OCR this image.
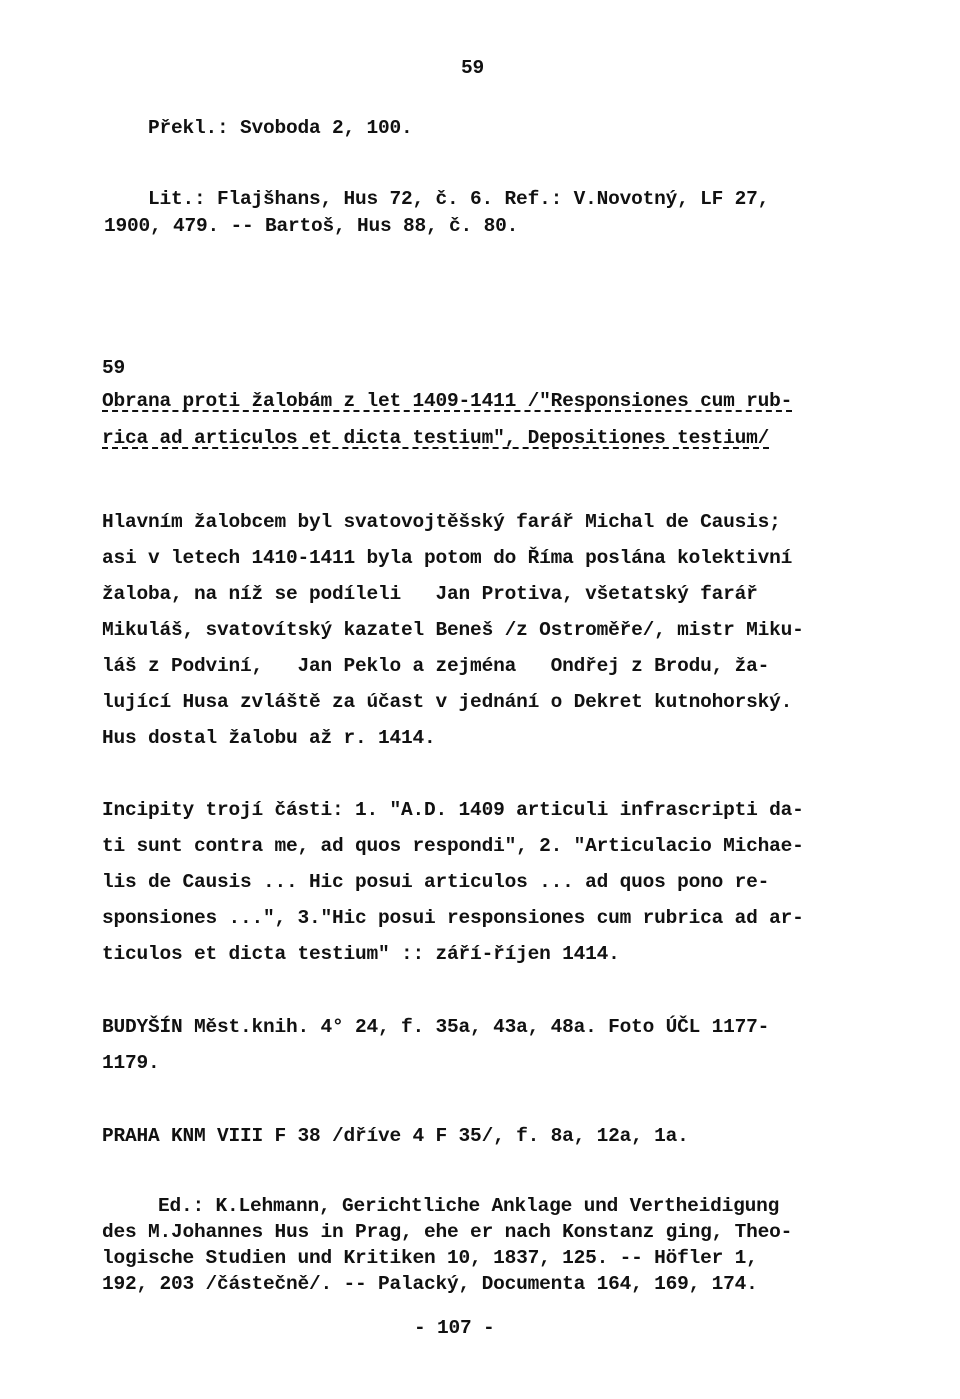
59
Překl.: Svoboda 2, 100.
Lit.: Flajšhans, Hus 72, č. 6. Ref.: V.Novotný, LF 27,
1900, 479. -- Bartoš, Hus 88, č. 80.
59
Obrana proti žalobám z let 1409-1411 /"Responsiones cum rub-
rica ad articulos et dicta testium", Depositiones testium/
Hlavním žalobcem byl svatovojtěšský farář Michal de Causis;
asi v letech 1410-1411 byla potom do Říma poslána kolektivní
žaloba, na níž se podíleli   Jan Protiva, všetatský farář
Mikuláš, svatovítský kazatel Beneš /z Ostroměře/, mistr Miku-
láš z Podviní,   Jan Peklo a zejména   Ondřej z Brodu, ža-
lující Husa zvláště za účast v jednání o Dekret kutnohorský.
Hus dostal žalobu až r. 1414.
Incipity trojí části: 1. "A.D. 1409 articuli infrascripti da-
ti sunt contra me, ad quos respondi", 2. "Articulacio Michae-
lis de Causis ... Hic posui articulos ... ad quos pono re-
sponsiones ...", 3."Hic posui responsiones cum rubrica ad ar-
ticulos et dicta testium" :: září-říjen 1414.
BUDYŠÍN Měst.knih. 4° 24, f. 35a, 43a, 48a. Foto ÚČL 1177-
1179.
PRAHA KNM VIII F 38 /dříve 4 F 35/, f. 8a, 12a, 1a.
Ed.: K.Lehmann, Gerichtliche Anklage und Vertheidigung
des M.Johannes Hus in Prag, ehe er nach Konstanz ging, Theo-
logische Studien und Kritiken 10, 1837, 125. -- Höfler 1,
192, 203 /částečně/. -- Palacký, Documenta 164, 169, 174.
- 107 -
